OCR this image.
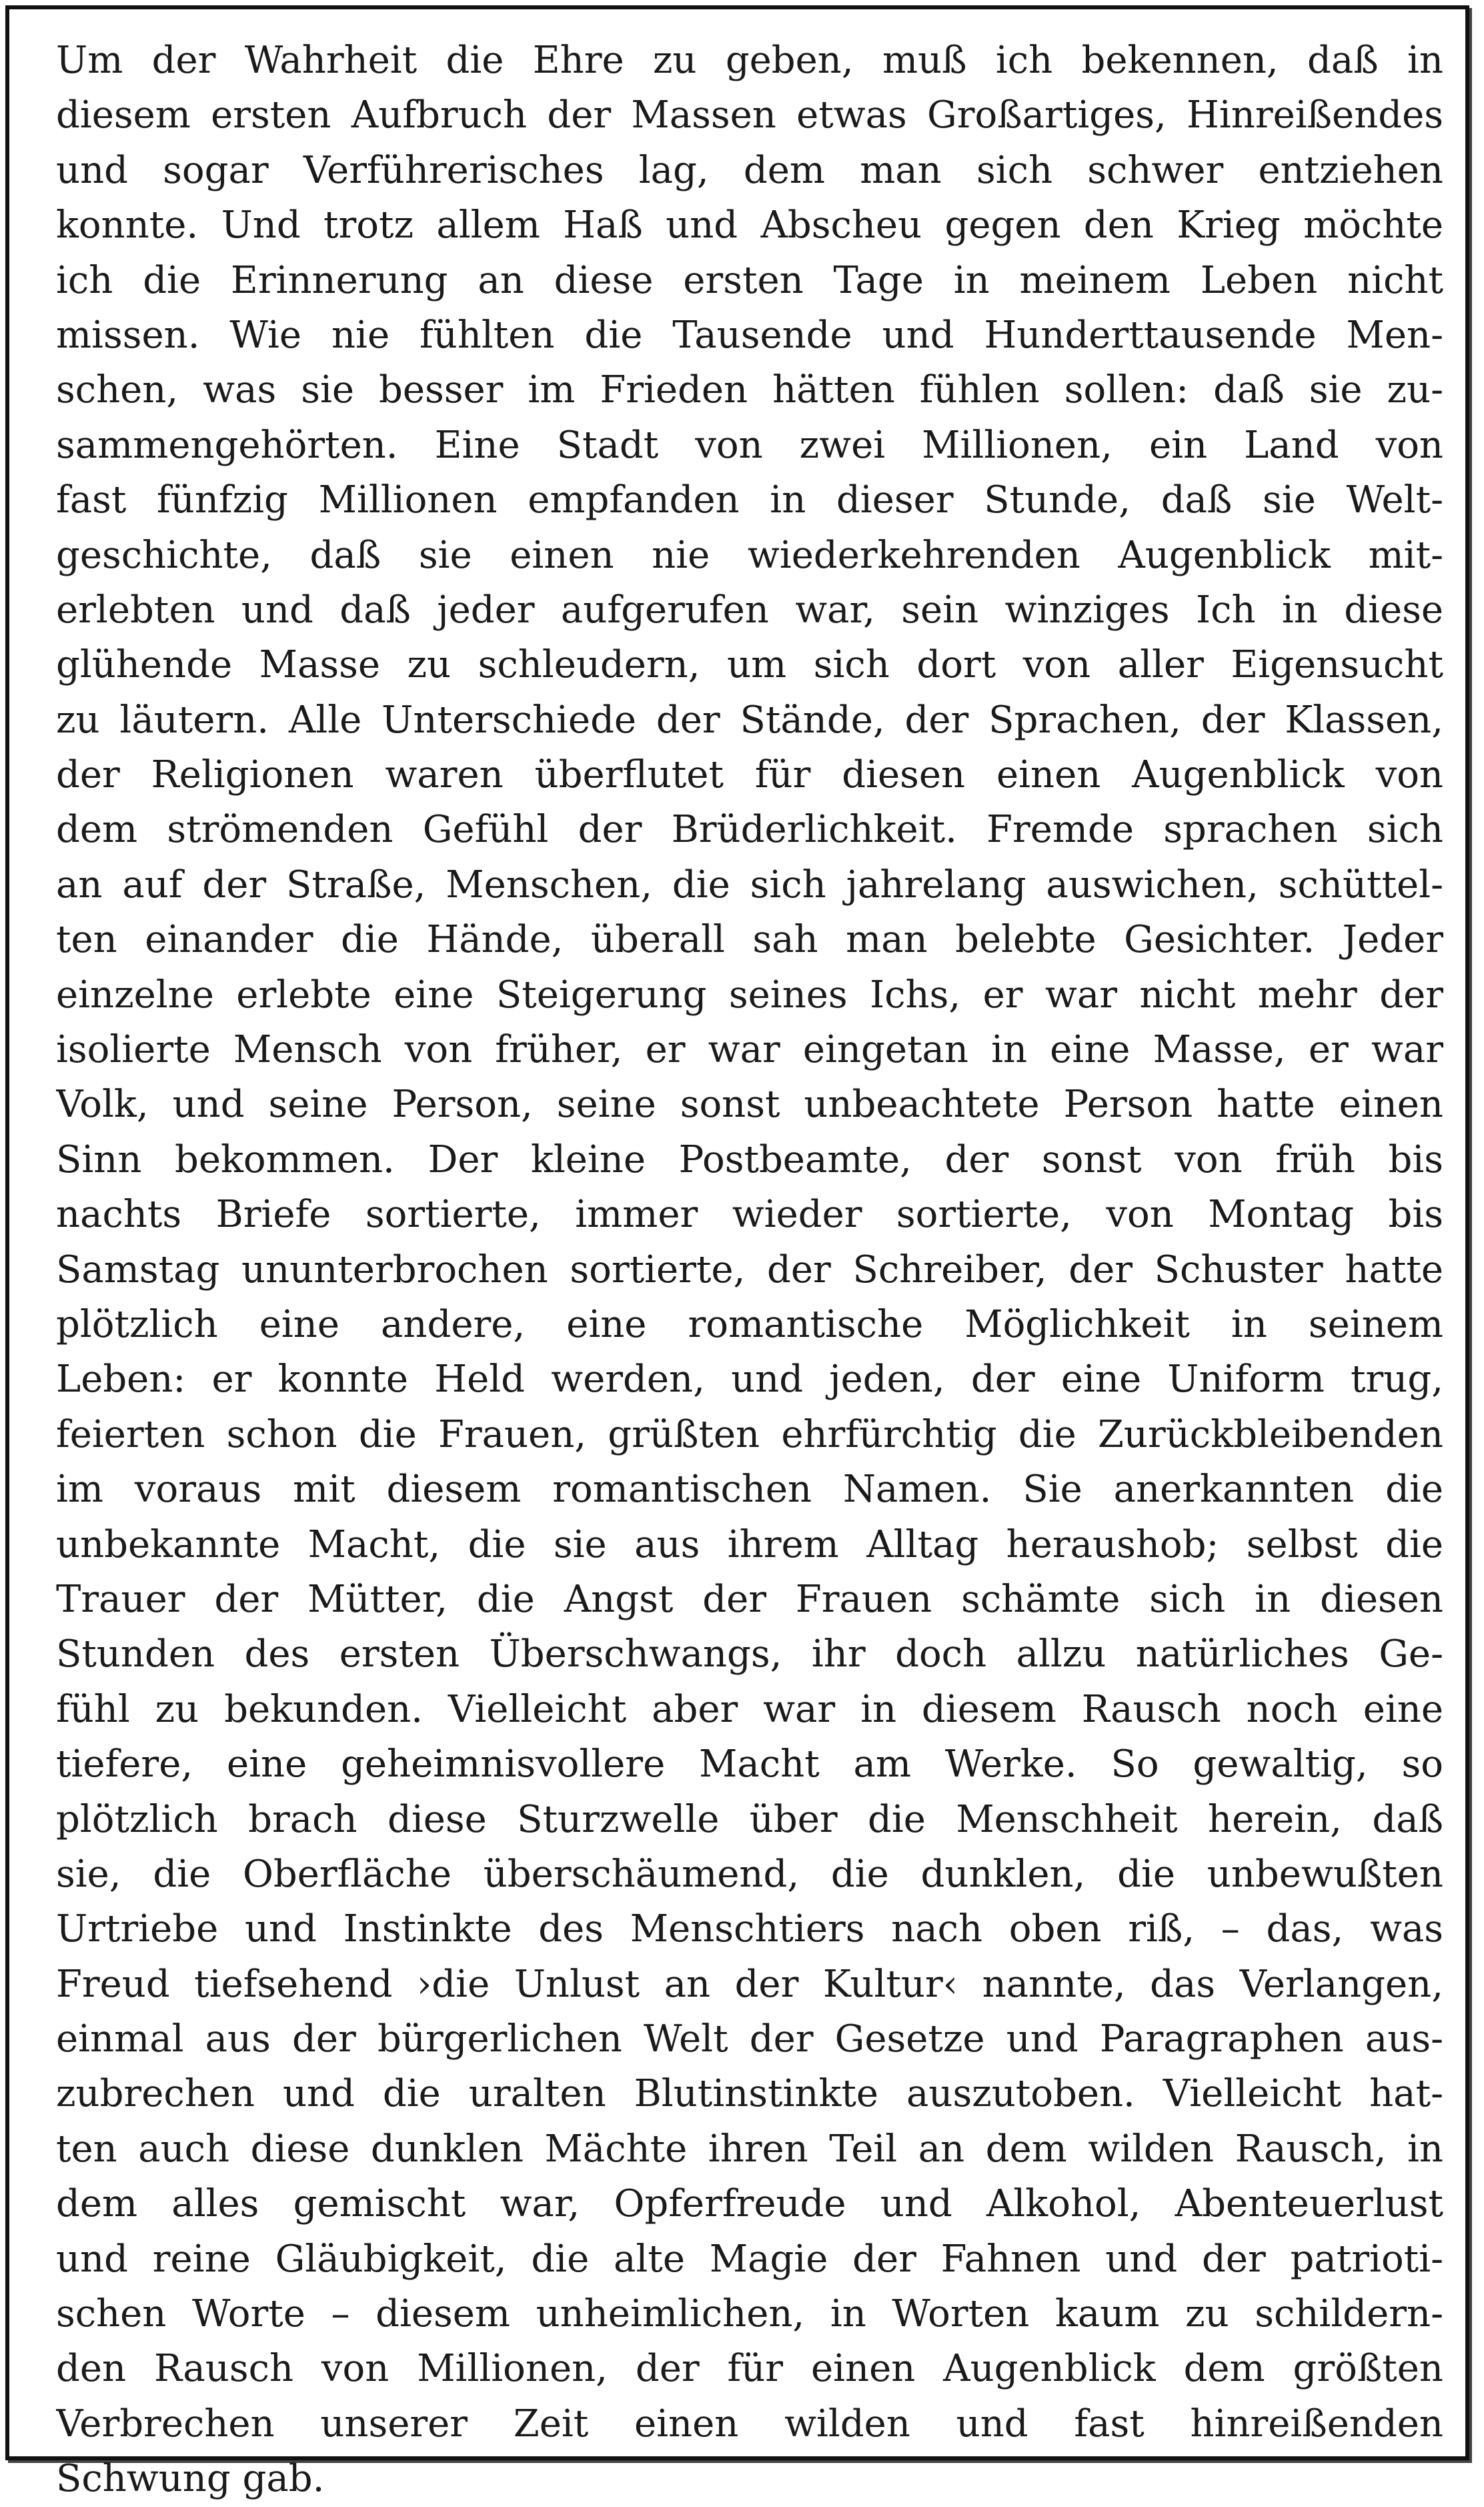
Um der Wahrheit die Ehre zu geben, muß ich bekennen, daß in
diesem ersten Aufbruch der Massen etwas Großartiges, Hinreißendes
und sogar Verführerisches lag, dem man sich schwer entziehen
konnte. Und trotz allem Haß und Abscheu gegen den Krieg möchte
ich die Erinnerung an diese ersten Tage in meinem Leben nicht
missen. Wie nie fühlten die Tausende und Hunderttausende Men-
schen, was sie besser im Frieden hätten fühlen sollen: daß sie zu-
sammengehörten. Eine Stadt von zwei Millionen, ein Land von
fast fünfzig Millionen empfanden in dieser Stunde, daß sie Welt-
geschichte, daß sie einen nie wiederkehrenden Augenblick mit-
erlebten und daß jeder aufgerufen war, sein winziges Ich in diese
glühende Masse zu schleudern, um sich dort von aller Eigensucht
zu läutern. Alle Unterschiede der Stände, der Sprachen, der Klassen,
der Religionen waren überflutet für diesen einen Augenblick von
dem strömenden Gefühl der Brüderlichkeit. Fremde sprachen sich
an auf der Straße, Menschen, die sich jahrelang auswichen, schüttel-
ten einander die Hände, überall sah man belebte Gesichter. Jeder
einzelne erlebte eine Steigerung seines Ichs, er war nicht mehr der
isolierte Mensch von früher, er war eingetan in eine Masse, er war
Volk, und seine Person, seine sonst unbeachtete Person hatte einen
Sinn bekommen. Der kleine Postbeamte, der sonst von früh bis
nachts Briefe sortierte, immer wieder sortierte, von Montag bis
Samstag ununterbrochen sortierte, der Schreiber, der Schuster hatte
plötzlich eine andere, eine romantische Möglichkeit in seinem
Leben: er konnte Held werden, und jeden, der eine Uniform trug,
feierten schon die Frauen, grüßten ehrfürchtig die Zurückbleibenden
im voraus mit diesem romantischen Namen. Sie anerkannten die
unbekannte Macht, die sie aus ihrem Alltag heraushob; selbst die
Trauer der Mütter, die Angst der Frauen schämte sich in diesen
Stunden des ersten Überschwangs, ihr doch allzu natürliches Ge-
fühl zu bekunden. Vielleicht aber war in diesem Rausch noch eine
tiefere, eine geheimnisvollere Macht am Werke. So gewaltig, so
plötzlich brach diese Sturzwelle über die Menschheit herein, daß
sie, die Oberfläche überschäumend, die dunklen, die unbewußten
Urtriebe und Instinkte des Menschtiers nach oben riß, – das, was
Freud tiefsehend ›die Unlust an der Kultur‹ nannte, das Verlangen,
einmal aus der bürgerlichen Welt der Gesetze und Paragraphen aus-
zubrechen und die uralten Blutinstinkte auszutoben. Vielleicht hat-
ten auch diese dunklen Mächte ihren Teil an dem wilden Rausch, in
dem alles gemischt war, Opferfreude und Alkohol, Abenteuerlust
und reine Gläubigkeit, die alte Magie der Fahnen und der patrioti-
schen Worte – diesem unheimlichen, in Worten kaum zu schildern-
den Rausch von Millionen, der für einen Augenblick dem größten
Verbrechen unserer Zeit einen wilden und fast hinreißenden
Schwung gab.
